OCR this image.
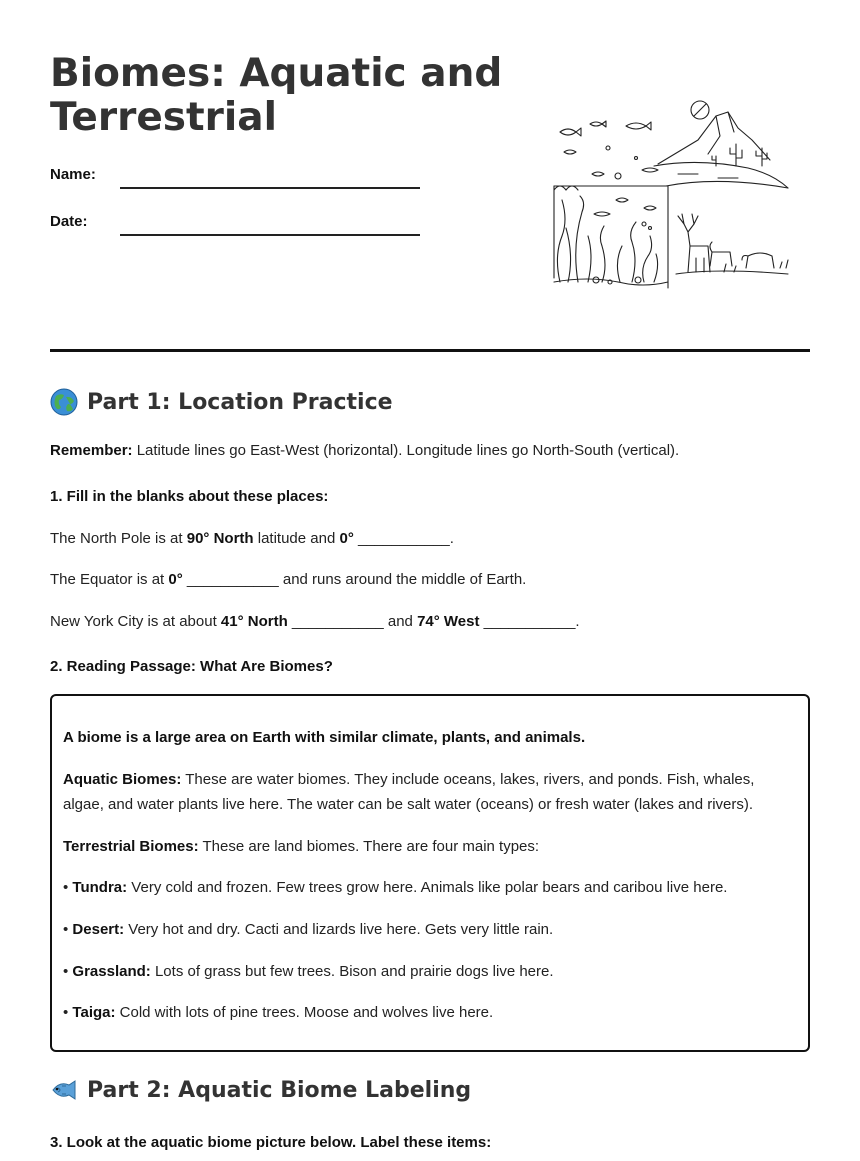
Biomes: Aquatic and Terrestrial
Name:
Date:
Part 1: Location Practice

Remember: Latitude lines go East-West (horizontal). Longitude lines go North-South (vertical).

1. Fill in the blanks about these places:

The North Pole is at 90° North latitude and 0° ___________.

The Equator is at 0° ___________ and runs around the middle of Earth.

New York City is at about 41° North ___________ and 74° West ___________.

2. Reading Passage: What Are Biomes?

A biome is a large area on Earth with similar climate, plants, and animals.

Aquatic Biomes: These are water biomes. They include oceans, lakes, rivers, and ponds. Fish, whales, algae, and water plants live here. The water can be salt water (oceans) or fresh water (lakes and rivers).

Terrestrial Biomes: These are land biomes. There are four main types:

• Tundra: Very cold and frozen. Few trees grow here. Animals like polar bears and caribou live here.

• Desert: Very hot and dry. Cacti and lizards live here. Gets very little rain.

• Grassland: Lots of grass but few trees. Bison and prairie dogs live here.

• Taiga: Cold with lots of pine trees. Moose and wolves live here.

Part 2: Aquatic Biome Labeling

3. Look at the aquatic biome picture below. Label these items:
